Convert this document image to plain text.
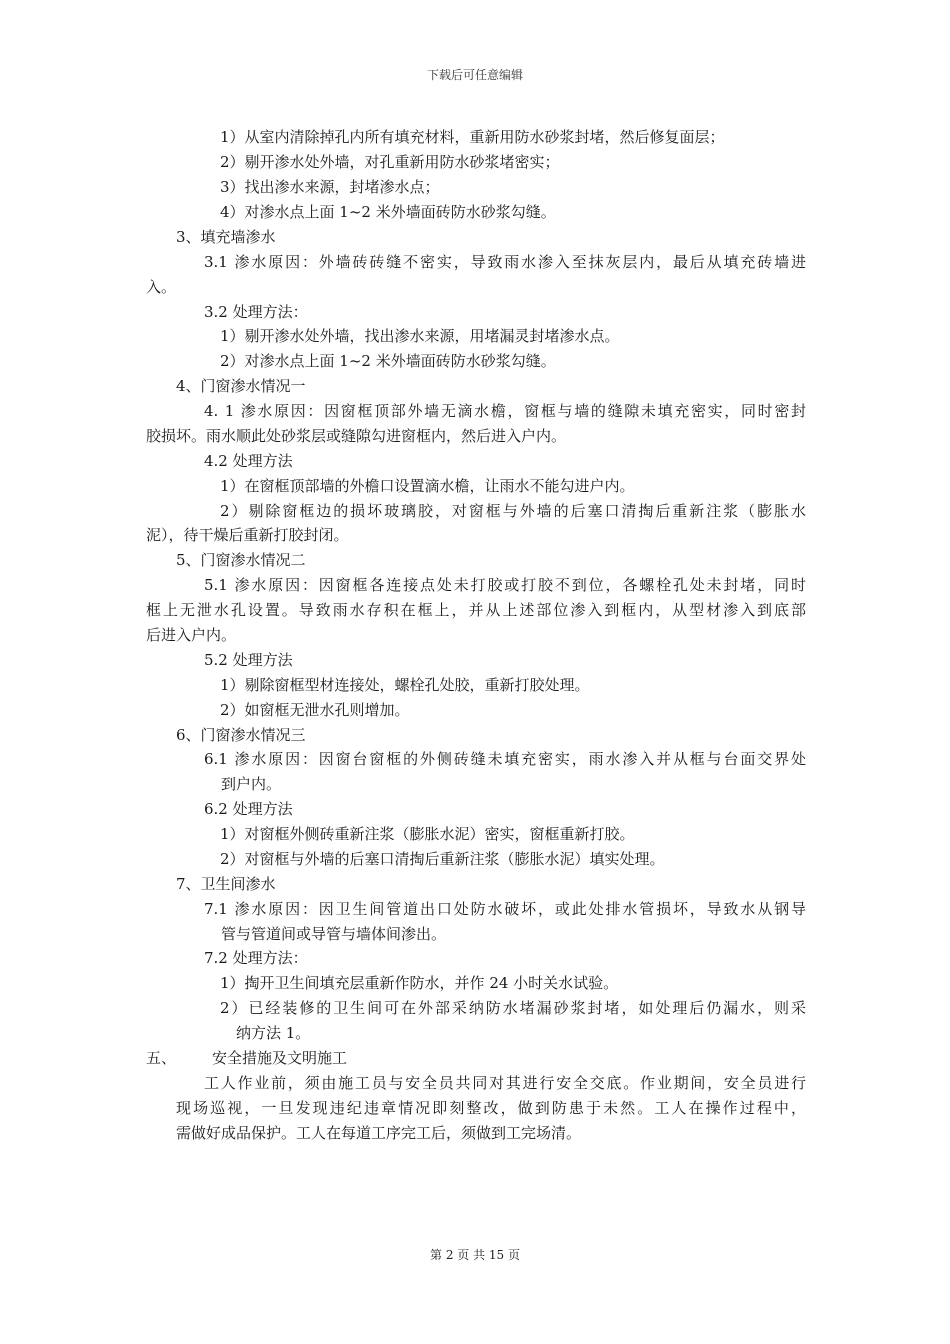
下载后可任意编辑
1）从室内清除掉孔内所有填充材料，重新用防水砂浆封堵，然后修复面层；
2）剔开渗水处外墙，对孔重新用防水砂浆堵密实；
3）找出渗水来源，封堵渗水点；
4）对渗水点上面 1~2 米外墙面砖防水砂浆勾缝。
3、填充墙渗水
3.1 渗水原因：外墙砖砖缝不密实，导致雨水渗入至抹灰层内，最后从填充砖墙进
入。
3.2 处理方法：
1）剔开渗水处外墙，找出渗水来源，用堵漏灵封堵渗水点。
2）对渗水点上面 1~2 米外墙面砖防水砂浆勾缝。
4、门窗渗水情况一
4. 1 渗水原因：因窗框顶部外墙无滴水檐，窗框与墙的缝隙未填充密实，同时密封
胶损坏。雨水顺此处砂浆层或缝隙勾进窗框内，然后进入户内。
4.2 处理方法
1）在窗框顶部墙的外檐口设置滴水檐，让雨水不能勾进户内。
2）剔除窗框边的损坏玻璃胶，对窗框与外墙的后塞口清掏后重新注浆（膨胀水
泥），待干燥后重新打胶封闭。
5、门窗渗水情况二
5.1 渗水原因：因窗框各连接点处未打胶或打胶不到位，各螺栓孔处未封堵，同时
框上无泄水孔设置。导致雨水存积在框上，并从上述部位渗入到框内，从型材渗入到底部
后进入户内。
5.2 处理方法
1）剔除窗框型材连接处，螺栓孔处胶，重新打胶处理。
2）如窗框无泄水孔则增加。
6、门窗渗水情况三
6.1 渗水原因：因窗台窗框的外侧砖缝未填充密实，雨水渗入并从框与台面交界处
到户内。
6.2 处理方法
1）对窗框外侧砖重新注浆（膨胀水泥）密实，窗框重新打胶。
2）对窗框与外墙的后塞口清掏后重新注浆（膨胀水泥）填实处理。
7、卫生间渗水
7.1 渗水原因：因卫生间管道出口处防水破坏，或此处排水管损坏，导致水从钢导
管与管道间或导管与墙体间渗出。
7.2 处理方法：
1）掏开卫生间填充层重新作防水，并作 24 小时关水试验。
2）已经装修的卫生间可在外部采纳防水堵漏砂浆封堵，如处理后仍漏水，则采
纳方法 1。
五、 安全措施及文明施工
工人作业前，须由施工员与安全员共同对其进行安全交底。作业期间，安全员进行
现场巡视，一旦发现违纪违章情况即刻整改，做到防患于未然。工人在操作过程中，
需做好成品保护。工人在每道工序完工后，须做到工完场清。
第 2 页 共 15 页
